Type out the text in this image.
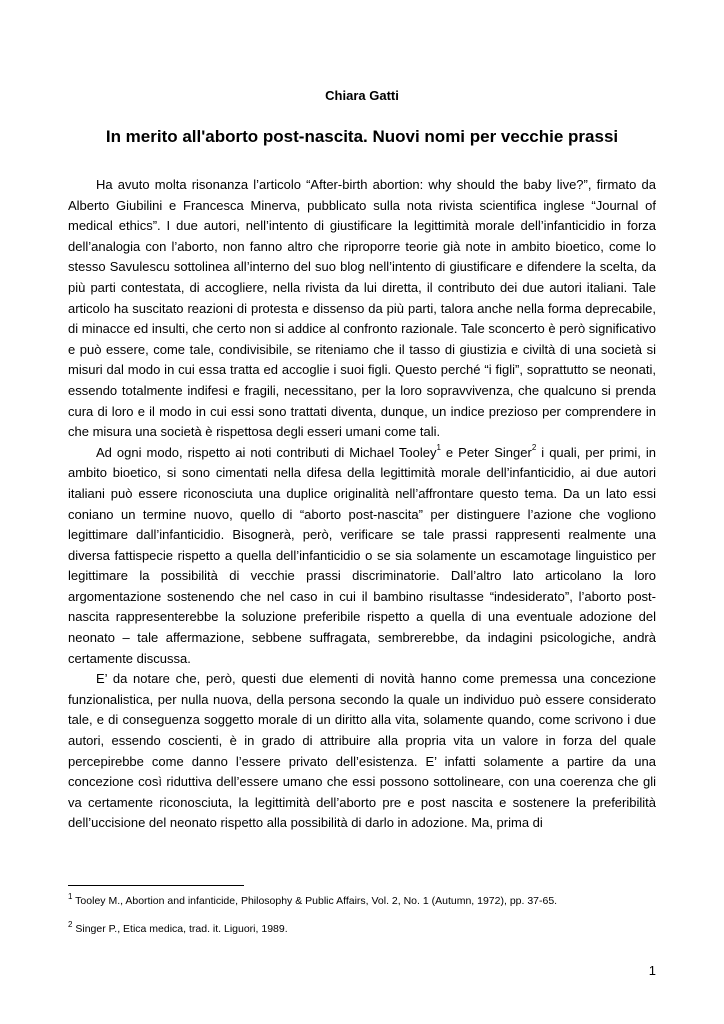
Chiara Gatti
In merito all'aborto post-nascita. Nuovi nomi per vecchie prassi

Ha avuto molta risonanza l’articolo “After-birth abortion: why should the baby live?”, firmato da Alberto Giubilini e Francesca Minerva, pubblicato sulla nota rivista scientifica inglese “Journal of medical ethics”. I due autori, nell’intento di giustificare la legittimità morale dell’infanticidio in forza dell’analogia con l’aborto, non fanno altro che riproporre teorie già note in ambito bioetico, come lo stesso Savulescu sottolinea all’interno del suo blog nell’intento di giustificare e difendere la scelta, da più parti contestata, di accogliere, nella rivista da lui diretta, il contributo dei due autori italiani. Tale articolo ha suscitato reazioni di protesta e dissenso da più parti, talora anche nella forma deprecabile, di minacce ed insulti, che certo non si addice al confronto razionale. Tale sconcerto è però significativo e può essere, come tale, condivisibile, se riteniamo che il tasso di giustizia e civiltà di una società si misuri dal modo in cui essa tratta ed accoglie i suoi figli. Questo perché “i figli”, soprattutto se neonati, essendo totalmente indifesi e fragili, necessitano, per la loro sopravvivenza, che qualcuno si prenda cura di loro e il modo in cui essi sono trattati diventa, dunque, un indice prezioso per comprendere in che misura una società è rispettosa degli esseri umani come tali.

Ad ogni modo, rispetto ai noti contributi di Michael Tooley$^1$ e Peter Singer$^2$ i quali, per primi, in ambito bioetico, si sono cimentati nella difesa della legittimità morale dell’infanticidio, ai due autori italiani può essere riconosciuta una duplice originalità nell’affrontare questo tema. Da un lato essi coniano un termine nuovo, quello di “aborto post-nascita” per distinguere l’azione che vogliono legittimare dall’infanticidio. Bisognerà, però, verificare se tale prassi rappresenti realmente una diversa fattispecie rispetto a quella dell’infanticidio o se sia solamente un escamotage linguistico per legittimare la possibilità di vecchie prassi discriminatorie. Dall’altro lato articolano la loro argomentazione sostenendo che nel caso in cui il bambino risultasse “indesiderato”, l’aborto post-nascita rappresenterebbe la soluzione preferibile rispetto a quella di una eventuale adozione del neonato – tale affermazione, sebbene suffragata, sembrerebbe, da indagini psicologiche, andrà certamente discussa.

E’ da notare che, però, questi due elementi di novità hanno come premessa una concezione funzionalistica, per nulla nuova, della persona secondo la quale un individuo può essere considerato tale, e di conseguenza soggetto morale di un diritto alla vita, solamente quando, come scrivono i due autori, essendo coscienti, è in grado di attribuire alla propria vita un valore in forza del quale percepirebbe come danno l’essere privato dell’esistenza. E’ infatti solamente a partire da una concezione così riduttiva dell’essere umano che essi possono sottolineare, con una coerenza che gli va certamente riconosciuta, la legittimità dell’aborto pre e post nascita e sostenere la preferibilità dell’uccisione del neonato rispetto alla possibilità di darlo in adozione. Ma, prima di

$^1$ Tooley M., Abortion and infanticide, Philosophy & Public Affairs, Vol. 2, No. 1 (Autumn, 1972), pp. 37-65.
$^2$ Singer P., Etica medica, trad. it. Liguori, 1989.
1
